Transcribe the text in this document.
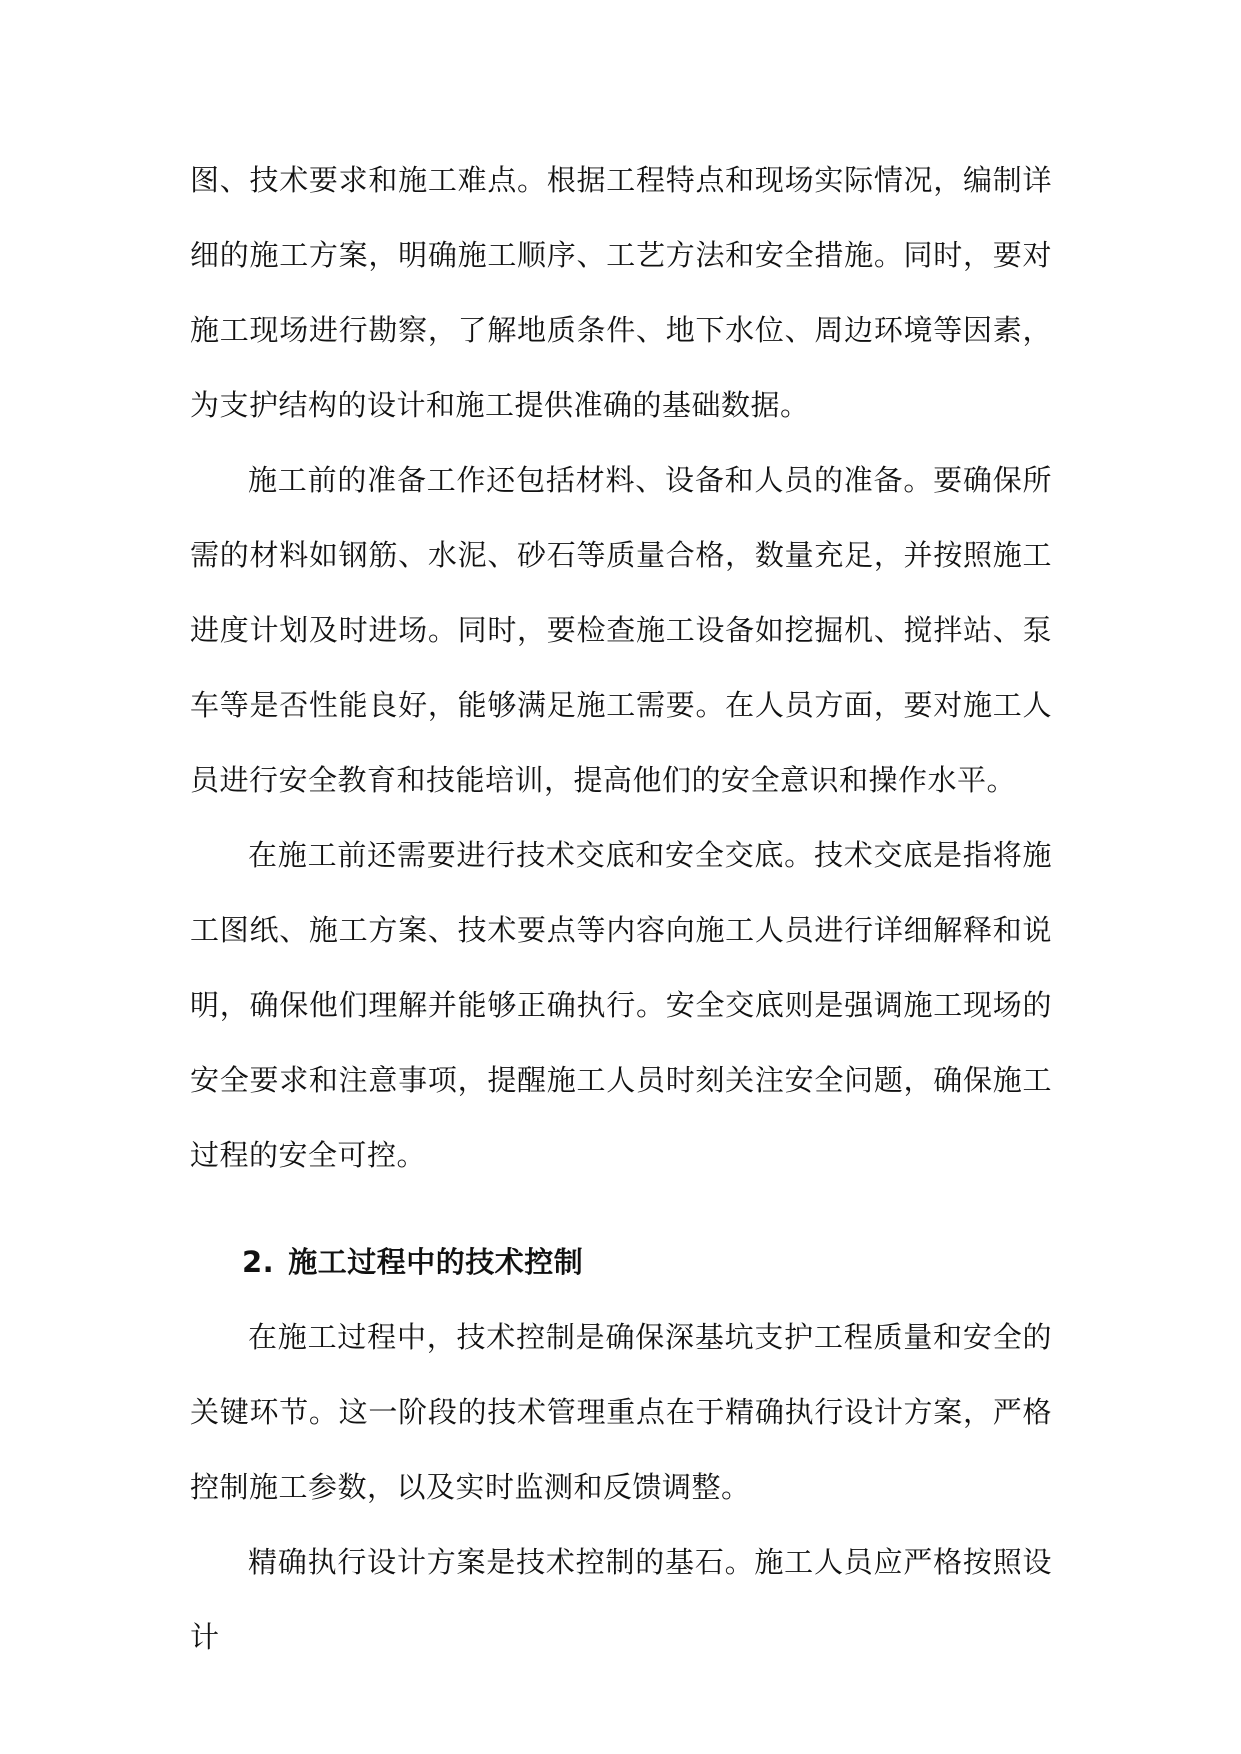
图、技术要求和施工难点。根据工程特点和现场实际情况，编制详细的施工方案，明确施工顺序、工艺方法和安全措施。同时，要对施工现场进行勘察，了解地质条件、地下水位、周边环境等因素，为支护结构的设计和施工提供准确的基础数据。

施工前的准备工作还包括材料、设备和人员的准备。要确保所需的材料如钢筋、水泥、砂石等质量合格，数量充足，并按照施工进度计划及时进场。同时，要检查施工设备如挖掘机、搅拌站、泵车等是否性能良好，能够满足施工需要。在人员方面，要对施工人员进行安全教育和技能培训，提高他们的安全意识和操作水平。

在施工前还需要进行技术交底和安全交底。技术交底是指将施工图纸、施工方案、技术要点等内容向施工人员进行详细解释和说明，确保他们理解并能够正确执行。安全交底则是强调施工现场的安全要求和注意事项，提醒施工人员时刻关注安全问题，确保施工过程的安全可控。

2. 施工过程中的技术控制

在施工过程中，技术控制是确保深基坑支护工程质量和安全的关键环节。这一阶段的技术管理重点在于精确执行设计方案，严格控制施工参数，以及实时监测和反馈调整。

精确执行设计方案是技术控制的基石。施工人员应严格按照设计
